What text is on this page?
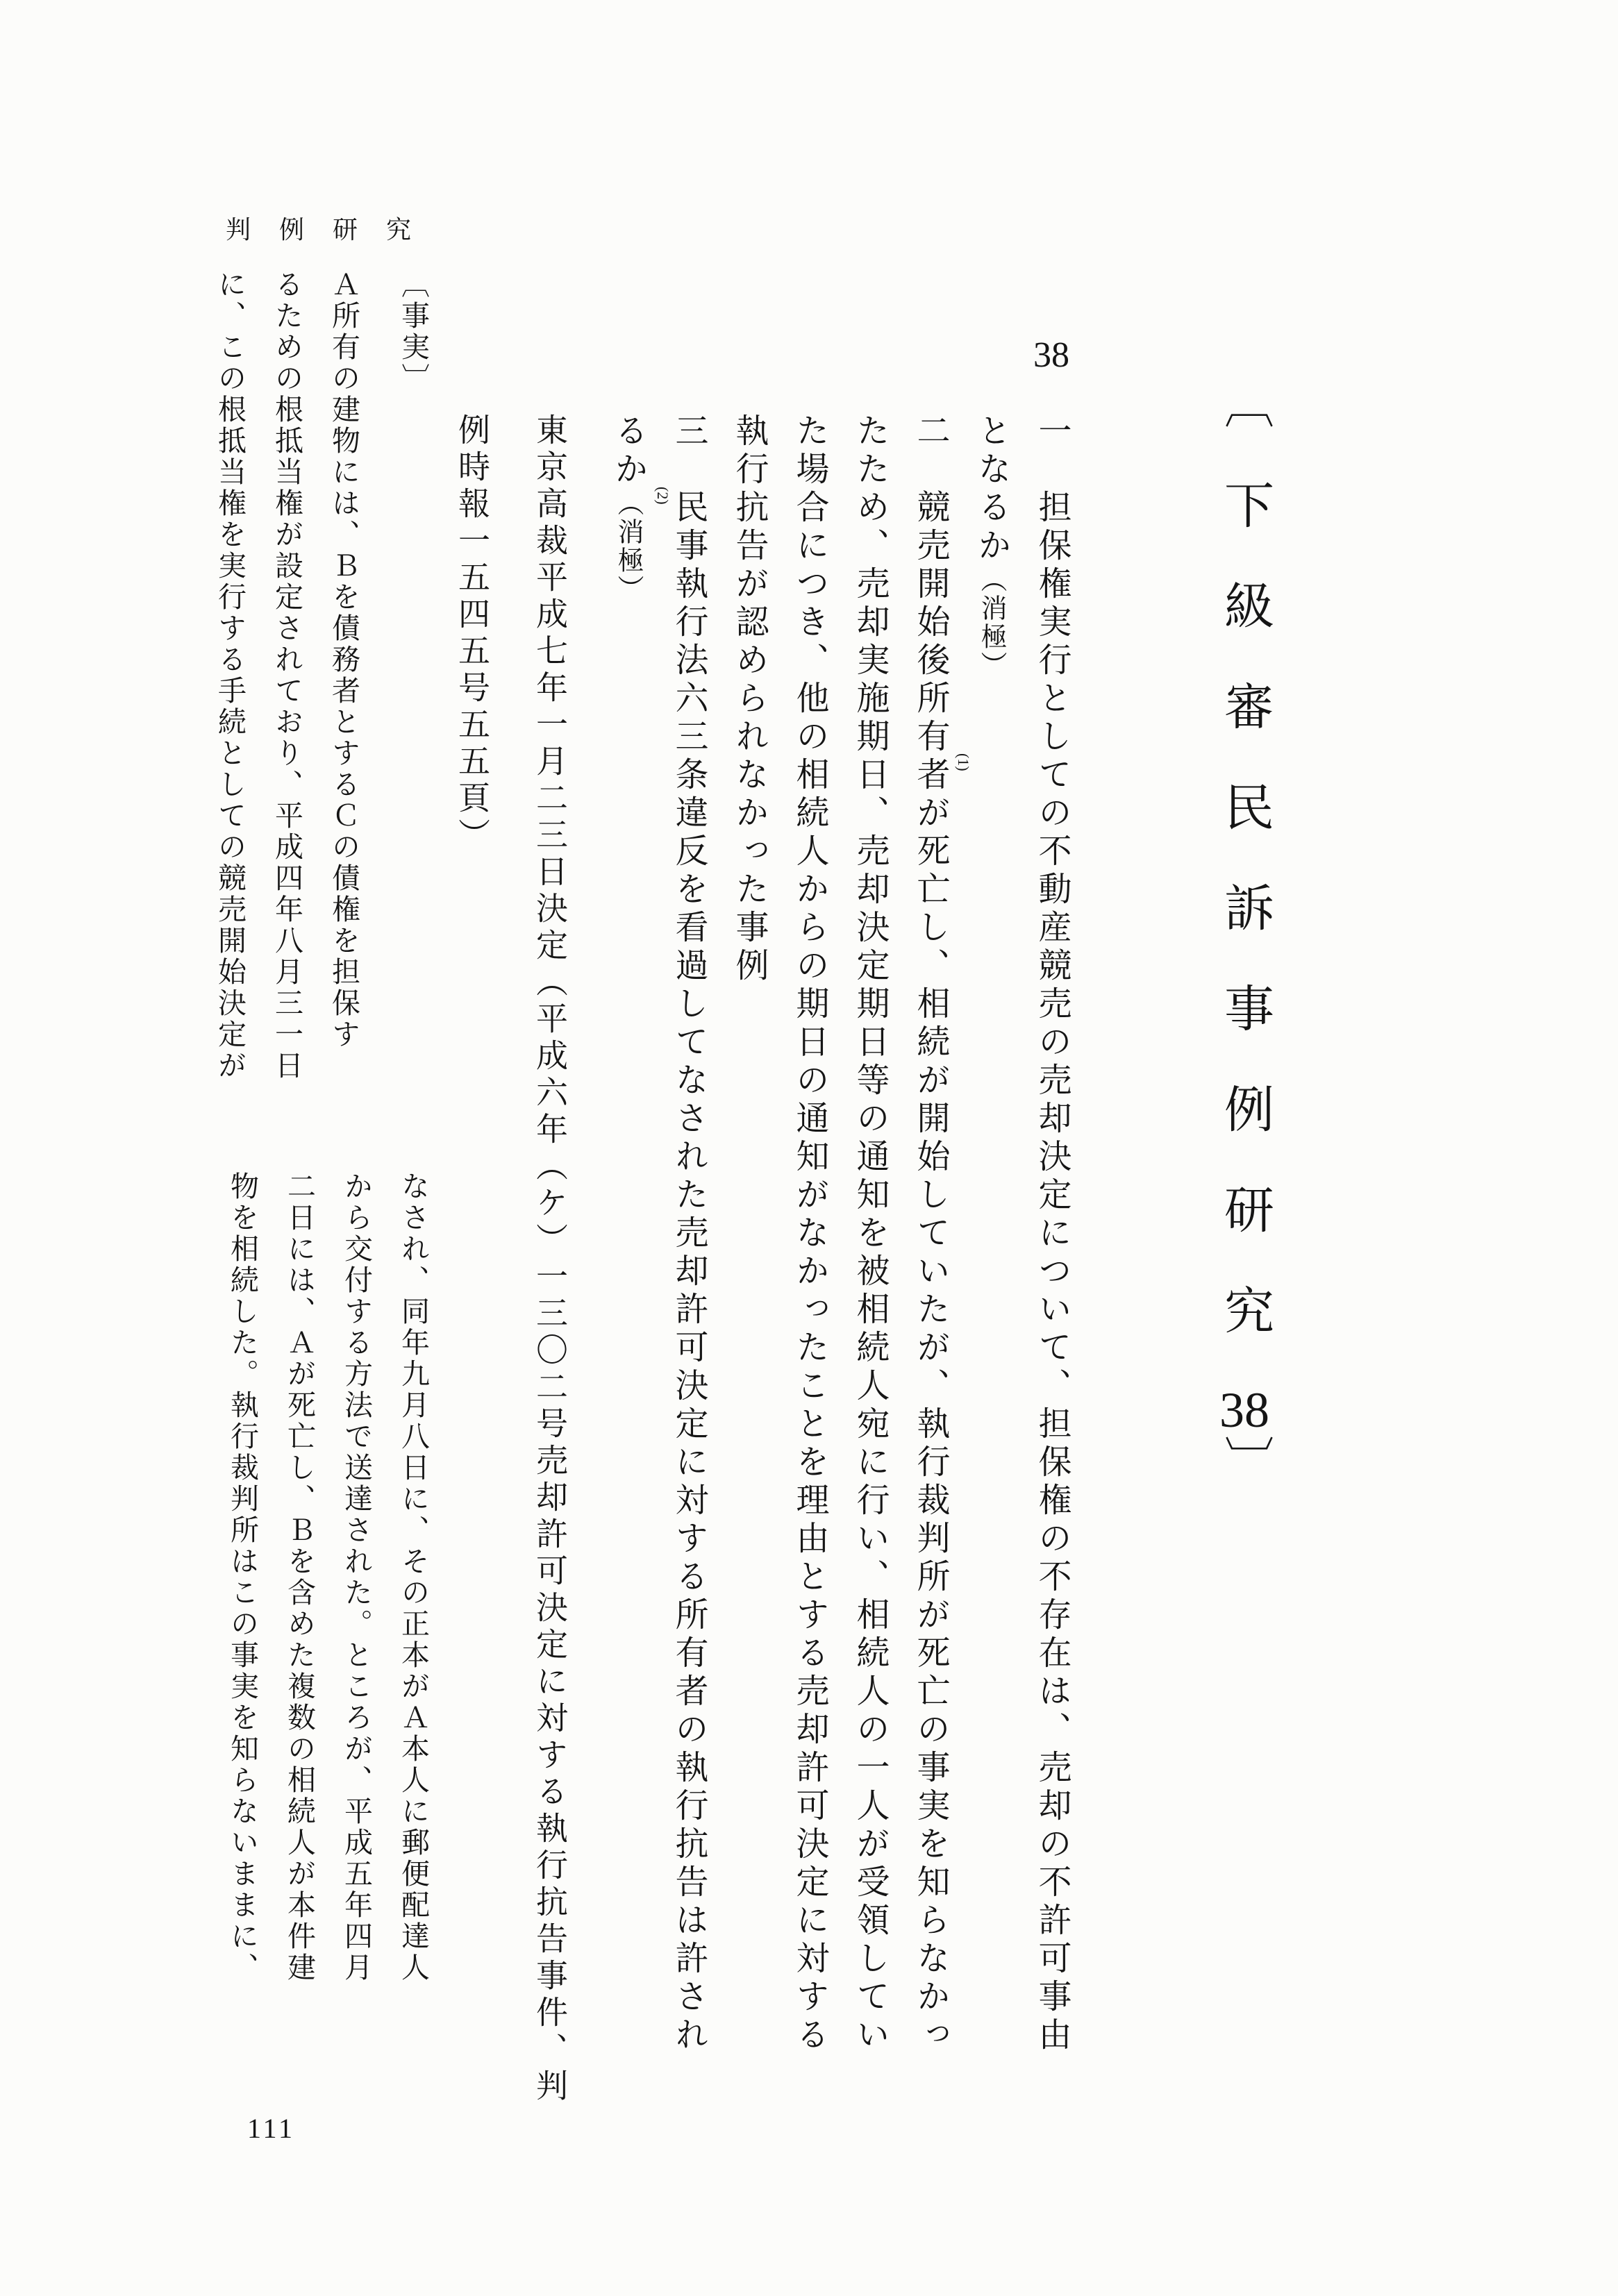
判例研究
〔下級審民訴事例研究38〕
38
一　担保権実行としての不動産競売の売却決定について、担保権の不存在は、売却の不許可事由
となるか（消極）
二　競売開始後所有者が死亡し、相続が開始していたが、執行裁判所が死亡の事実を知らなかっ
たため、売却実施期日、売却決定期日等の通知を被相続人宛に行い、相続人の一人が受領してい
た場合につき、他の相続人からの期日の通知がなかったことを理由とする売却許可決定に対する
執行抗告が認められなかった事例
三　民事執行法六三条違反を看過してなされた売却許可決定に対する所有者の執行抗告は許され
るか（消極）
東京高裁平成七年一月二三日決定（平成六年（ケ）一三〇二号売却許可決定に対する執行抗告事件、判
例時報一五四五号五五頁）	(1)
(2)
〔事実〕
Ａ所有の建物には、Ｂを債務者とするＣの債権を担保す
るための根抵当権が設定されており、平成四年八月三一日
に、この根抵当権を実行する手続としての競売開始決定が
なされ、同年九月八日に、その正本がＡ本人に郵便配達人
から交付する方法で送達された。ところが、平成五年四月
二日には、Ａが死亡し、Ｂを含めた複数の相続人が本件建
物を相続した。執行裁判所はこの事実を知らないままに、
111
